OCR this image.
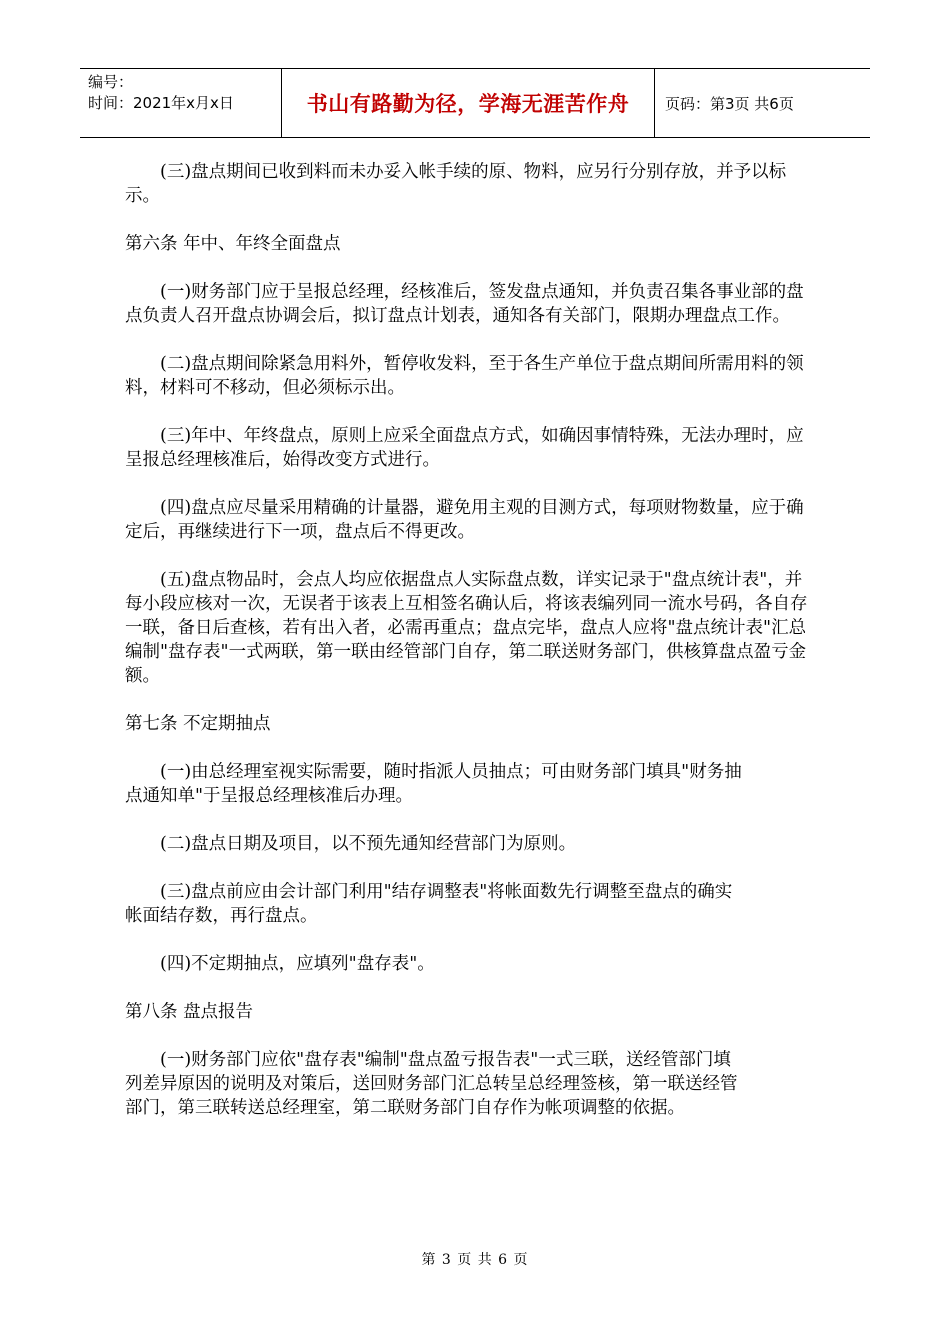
编号：
时间：2021年x月x日	书山有路勤为径，学海无涯苦作舟	页码：第3页 共6页

(三)盘点期间已收到料而未办妥入帐手续的原、物料，应另行分别存放，并予以标示。

第六条 年中、年终全面盘点

(一)财务部门应于呈报总经理，经核准后，签发盘点通知，并负责召集各事业部的盘点负责人召开盘点协调会后，拟订盘点计划表，通知各有关部门，限期办理盘点工作。

(二)盘点期间除紧急用料外，暂停收发料，至于各生产单位于盘点期间所需用料的领料，材料可不移动，但必须标示出。

(三)年中、年终盘点，原则上应采全面盘点方式，如确因事情特殊，无法办理时，应呈报总经理核准后，始得改变方式进行。

(四)盘点应尽量采用精确的计量器，避免用主观的目测方式，每项财物数量，应于确定后，再继续进行下一项，盘点后不得更改。

(五)盘点物品时，会点人均应依据盘点人实际盘点数，详实记录于"盘点统计表"，并每小段应核对一次，无误者于该表上互相签名确认后，将该表编列同一流水号码，各自存一联，备日后查核，若有出入者，必需再重点；盘点完毕，盘点人应将"盘点统计表"汇总编制"盘存表"一式两联，第一联由经管部门自存，第二联送财务部门，供核算盘点盈亏金额。

第七条 不定期抽点

(一)由总经理室视实际需要，随时指派人员抽点；可由财务部门填具"财务抽点通知单"于呈报总经理核准后办理。

(二)盘点日期及项目，以不预先通知经营部门为原则。

(三)盘点前应由会计部门利用"结存调整表"将帐面数先行调整至盘点的确实帐面结存数，再行盘点。

(四)不定期抽点，应填列"盘存表"。

第八条 盘点报告

(一)财务部门应依"盘存表"编制"盘点盈亏报告表"一式三联，送经管部门填列差异原因的说明及对策后，送回财务部门汇总转呈总经理签核，第一联送经管部门，第三联转送总经理室，第二联财务部门自存作为帐项调整的依据。

第 3 页 共 6 页
